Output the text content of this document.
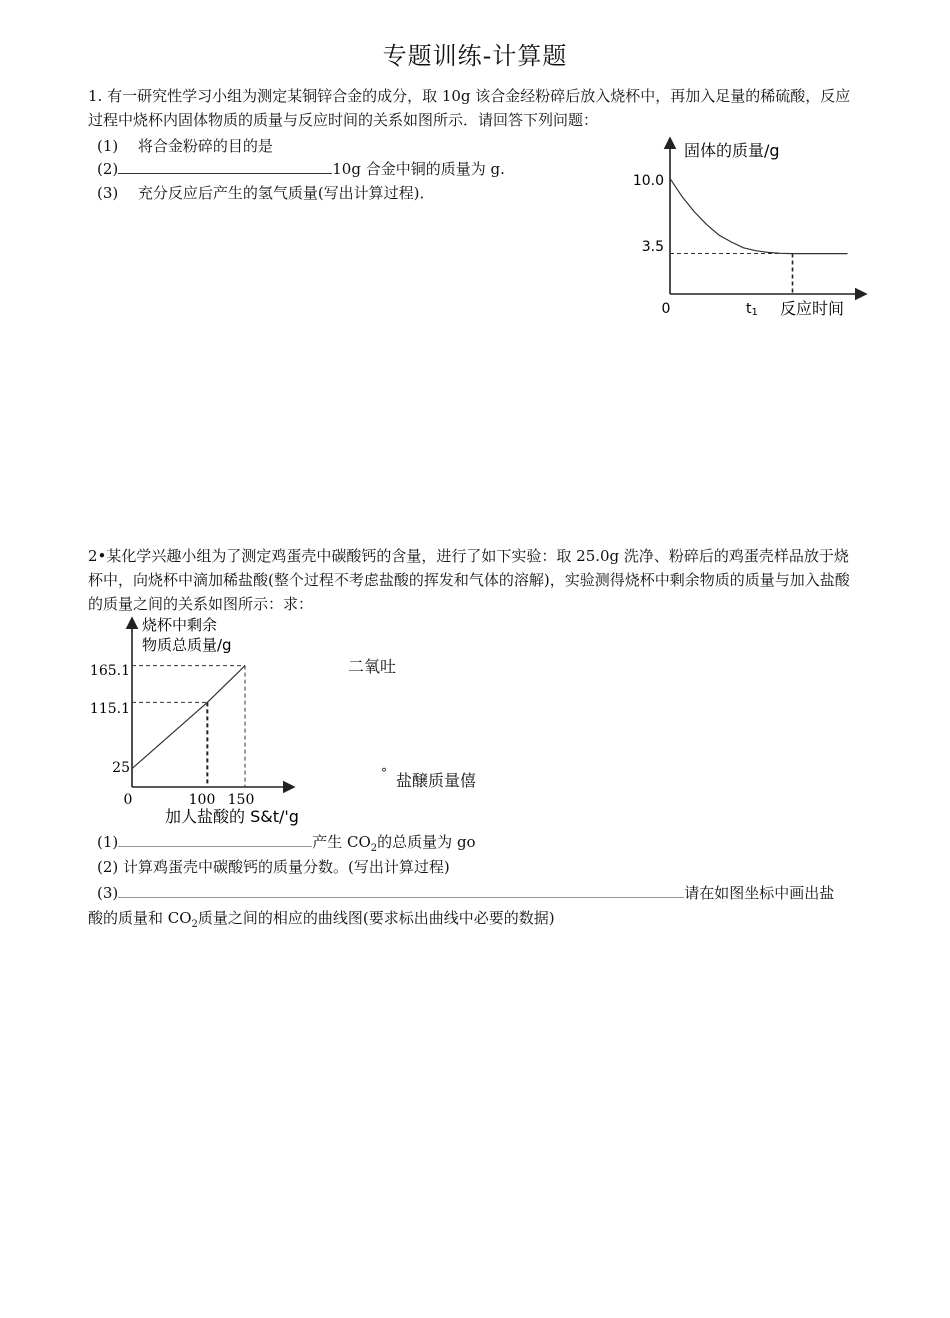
专题训练-计算题
1. 有一研究性学习小组为测定某铜锌合金的成分，取 10g 该合金经粉碎后放入烧杯中，再加入足量的稀硫酸，反应过程中烧杯内固体物质的质量与反应时间的关系如图所示．请回答下列问题：
(1) 将合金粉碎的目的是
(2)	10g 合金中铜的质量为 g.
(3) 充分反应后产生的氢气质量(写出计算过程)．
固体的质量/g
10.0
3.5
0	t1 反应时间
2•某化学兴趣小组为了测定鸡蛋壳中碳酸钙的含量，进行了如下实验：取 25.0g 洗净、粉碎后的鸡蛋壳样品放于烧杯中，向烧杯中滴加稀盐酸(整个过程不考虑盐酸的挥发和气体的溶解)，实验测得烧杯中剩余物质的质量与加入盐酸的质量之间的关系如图所示：求：
烧杯中剩余
物质总质量/g
165.1
115.1
25
0	100 150
加人盐酸的 S&t/'g
二氧吐
° 盐醸质量僖
(1)	产生 $CO_2$的总质量为 go
(2) 计算鸡蛋壳中碳酸钙的质量分数。(写出计算过程)
(3)	请在如图坐标中画出盐
酸的质量和 $CO_2$质量之间的相应的曲线图(要求标出曲线中必要的数据)
